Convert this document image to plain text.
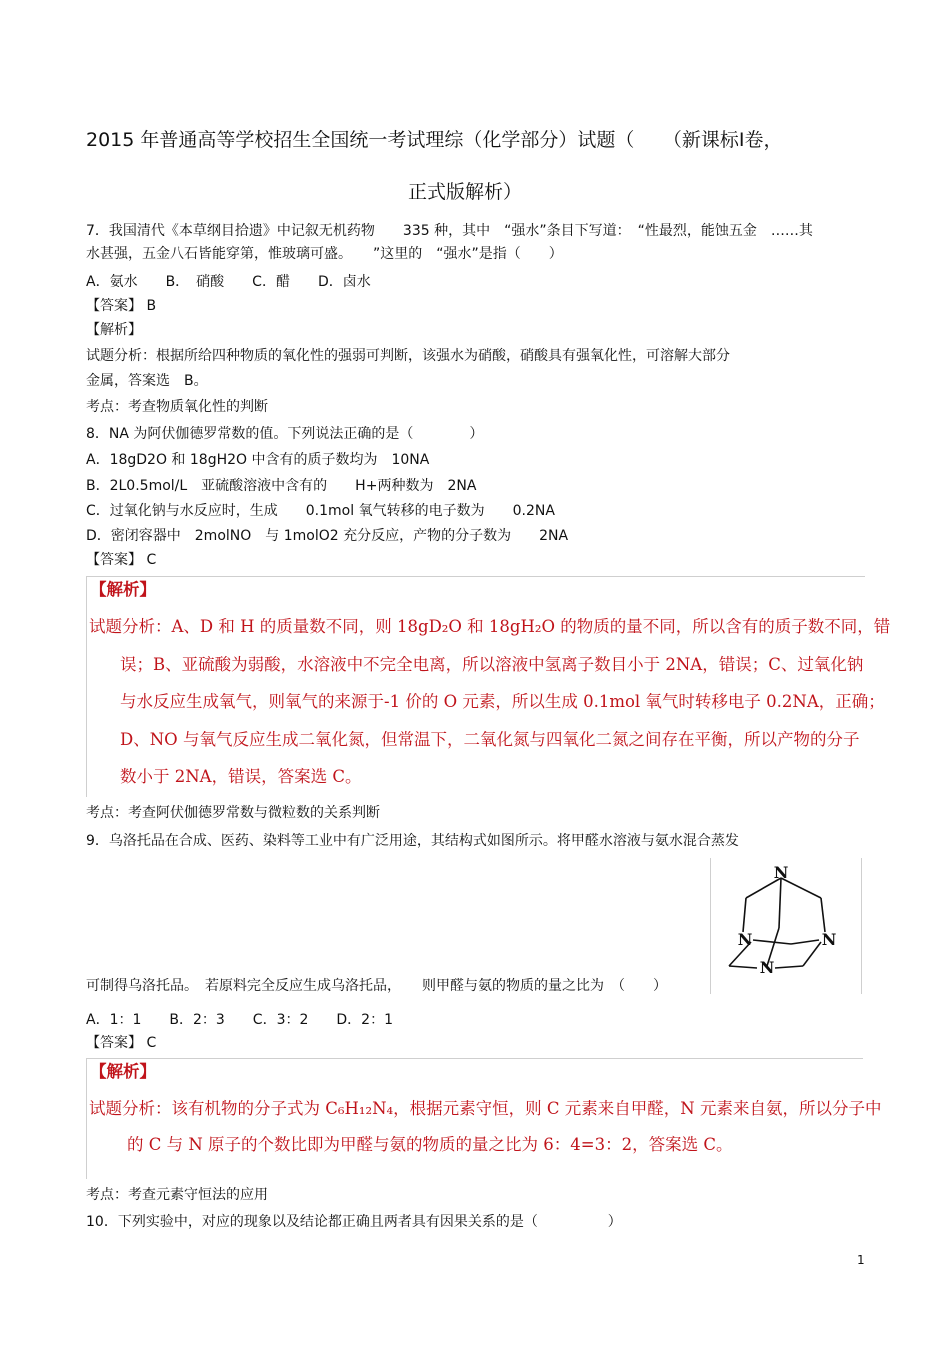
2015 年普通高等学校招生全国统一考试理综（化学部分）试题（　　（新课标Ⅰ卷，
正式版解析）
7．我国清代《本草纲目拾遗》中记叙无机药物　　335 种，其中　“强水”条目下写道：　“性最烈，能蚀五金　……其
水甚强，五金八石皆能穿第，惟玻璃可盛。　　”这里的　“强水”是指（　　）
A．氨水　　B．　硝酸　　C．醋　　D．卤水
【答案】 B
【解析】
试题分析：根据所给四种物质的氧化性的强弱可判断，该强水为硝酸，硝酸具有强氧化性，可溶解大部分
金属，答案选　B。
考点：考查物质氧化性的判断
8．NA 为阿伏伽德罗常数的值。下列说法正确的是（　　　　）
A．18gD2O 和 18gH2O 中含有的质子数均为　10NA
B．2L0.5mol/L　亚硫酸溶液中含有的　　H+两种数为　2NA
C．过氧化钠与水反应时，生成　　0.1mol 氧气转移的电子数为　　0.2NA
D．密闭容器中　2molNO　与 1molO2 充分反应，产物的分子数为　　2NA
【答案】 C
【解析】
试题分析：A、D 和 H 的质量数不同，则 18gD₂O 和 18gH₂O 的物质的量不同，所以含有的质子数不同，错
误；B、亚硫酸为弱酸，水溶液中不完全电离，所以溶液中氢离子数目小于 2NA，错误；C、过氧化钠
与水反应生成氧气，则氧气的来源于-1 价的 O 元素，所以生成 0.1mol 氧气时转移电子 0.2NA，正确；
D、NO 与氧气反应生成二氧化氮，但常温下，二氧化氮与四氧化二氮之间存在平衡，所以产物的分子
数小于 2NA，错误，答案选 C。
考点：考查阿伏伽德罗常数与微粒数的关系判断
9．乌洛托品在合成、医药、染料等工业中有广泛用途，其结构式如图所示。将甲醛水溶液与氨水混合蒸发
可制得乌洛托品。　若原料完全反应生成乌洛托品，　　则甲醛与氨的物质的量之比为　（　　）
N
N	N
N
A．1：1　　B．2：3　　C．3：2　　D．2：1
【答案】 C
【解析】
试题分析：该有机物的分子式为 C₆H₁₂N₄，根据元素守恒，则 C 元素来自甲醛，N 元素来自氨，所以分子中
的 C 与 N 原子的个数比即为甲醛与氨的物质的量之比为 6：4=3：2，答案选 C。
考点：考查元素守恒法的应用
10．下列实验中，对应的现象以及结论都正确且两者具有因果关系的是（　　　　　）
1
